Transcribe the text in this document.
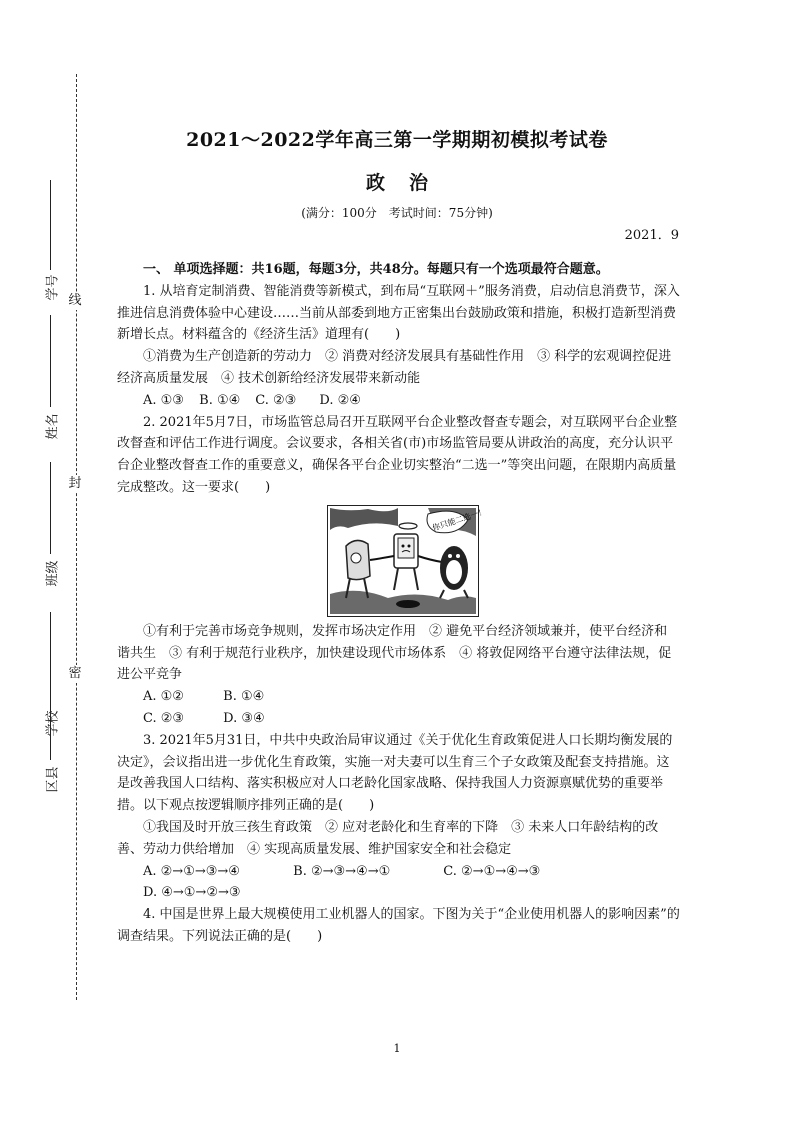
线
封
密
学号
姓名
班级
学校
区县
2021～2022学年高三第一学期期初模拟考试卷
政治
(满分：100分　考试时间：75分钟)
2021．9

一、 单项选择题：共16题，每题3分，共48分。每题只有一个选项最符合题意。

1. 从培育定制消费、智能消费等新模式，到布局“互联网＋”服务消费，启动信息消费节，深入推进信息消费体验中心建设……当前从部委到地方正密集出台鼓励政策和措施，积极打造新型消费新增长点。材料蕴含的《经济生活》道理有(　　)

①消费为生产创造新的劳动力　② 消费对经济发展具有基础性作用　③ 科学的宏观调控促进经济高质量发展　④ 技术创新给经济发展带来新动能

A. ①③ B. ①④ C. ②③ D. ②④

2. 2021年5月7日，市场监管总局召开互联网平台企业整改督查专题会，对互联网平台企业整改督查和评估工作进行调度。会议要求，各相关省(市)市场监管局要从讲政治的高度，充分认识平台企业整改督查工作的重要意义，确保各平台企业切实整治“二选一”等突出问题，在限期内高质量完成整改。这一要求(　　)

你只能二选一！

①有利于完善市场竞争规则，发挥市场决定作用　② 避免平台经济领域兼并，使平台经济和谐共生　③ 有利于规范行业秩序，加快建设现代市场体系　④ 将敦促网络平台遵守法律法规，促进公平竞争

A. ①②	B. ①④

C. ②③	D. ③④

3. 2021年5月31日，中共中央政治局审议通过《关于优化生育政策促进人口长期均衡发展的决定》，会议指出进一步优化生育政策，实施一对夫妻可以生育三个子女政策及配套支持措施。这是改善我国人口结构、落实积极应对人口老龄化国家战略、保持我国人力资源禀赋优势的重要举措。以下观点按逻辑顺序排列正确的是(　　)

①我国及时开放三孩生育政策　② 应对老龄化和生育率的下降　③ 未来人口年龄结构的改善、劳动力供给增加　④ 实现高质量发展、维护国家安全和社会稳定

A. ②→①→③→④	B. ②→③→④→①	C. ②→①→④→③ D. ④→①→②→③

4. 中国是世界上最大规模使用工业机器人的国家。下图为关于“企业使用机器人的影响因素”的调查结果。下列说法正确的是(　　)

1
